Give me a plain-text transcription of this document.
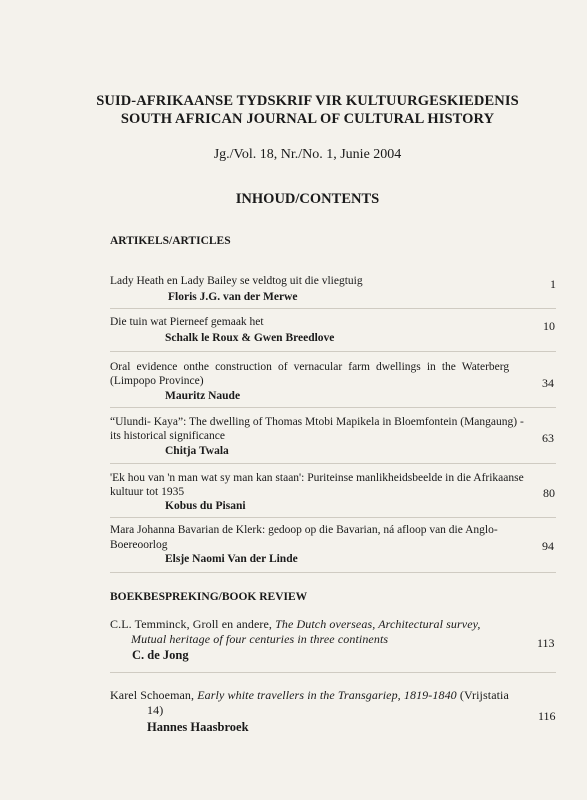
SUID-AFRIKAANSE TYDSKRIF VIR KULTUURGESKIEDENIS
SOUTH AFRICAN JOURNAL OF CULTURAL HISTORY
Jg./Vol. 18, Nr./No. 1, Junie 2004
INHOUD/CONTENTS
ARTIKELS/ARTICLES
Lady Heath en Lady Bailey se veldtog uit die vliegtuig
Floris J.G. van der Merwe
1
Die tuin wat Pierneef gemaak het
Schalk le Roux & Gwen Breedlove
10
Oral evidence onthe construction of vernacular farm dwellings in the Waterberg
(Limpopo Province)
Mauritz Naude
34
“Ulundi- Kaya”: The dwelling of Thomas Mtobi Mapikela in Bloemfontein (Mangaung) -
its historical significance
Chitja Twala
63
'Ek hou van 'n man wat sy man kan staan': Puriteinse manlikheidsbeelde in die Afrikaanse
kultuur tot 1935
Kobus du Pisani
80
Mara Johanna Bavarian de Klerk: gedoop op die Bavarian, ná afloop van die Anglo-
Boereoorlog
Elsje Naomi Van der Linde
94
BOEKBESPREKING/BOOK REVIEW
C.L. Temminck, Groll en andere, The Dutch overseas, Architectural survey,
Mutual heritage of four centuries in three continents
C. de Jong
113
Karel Schoeman, Early white travellers in the Transgariep, 1819-1840 (Vrijstatia
14)
Hannes Haasbroek
116
